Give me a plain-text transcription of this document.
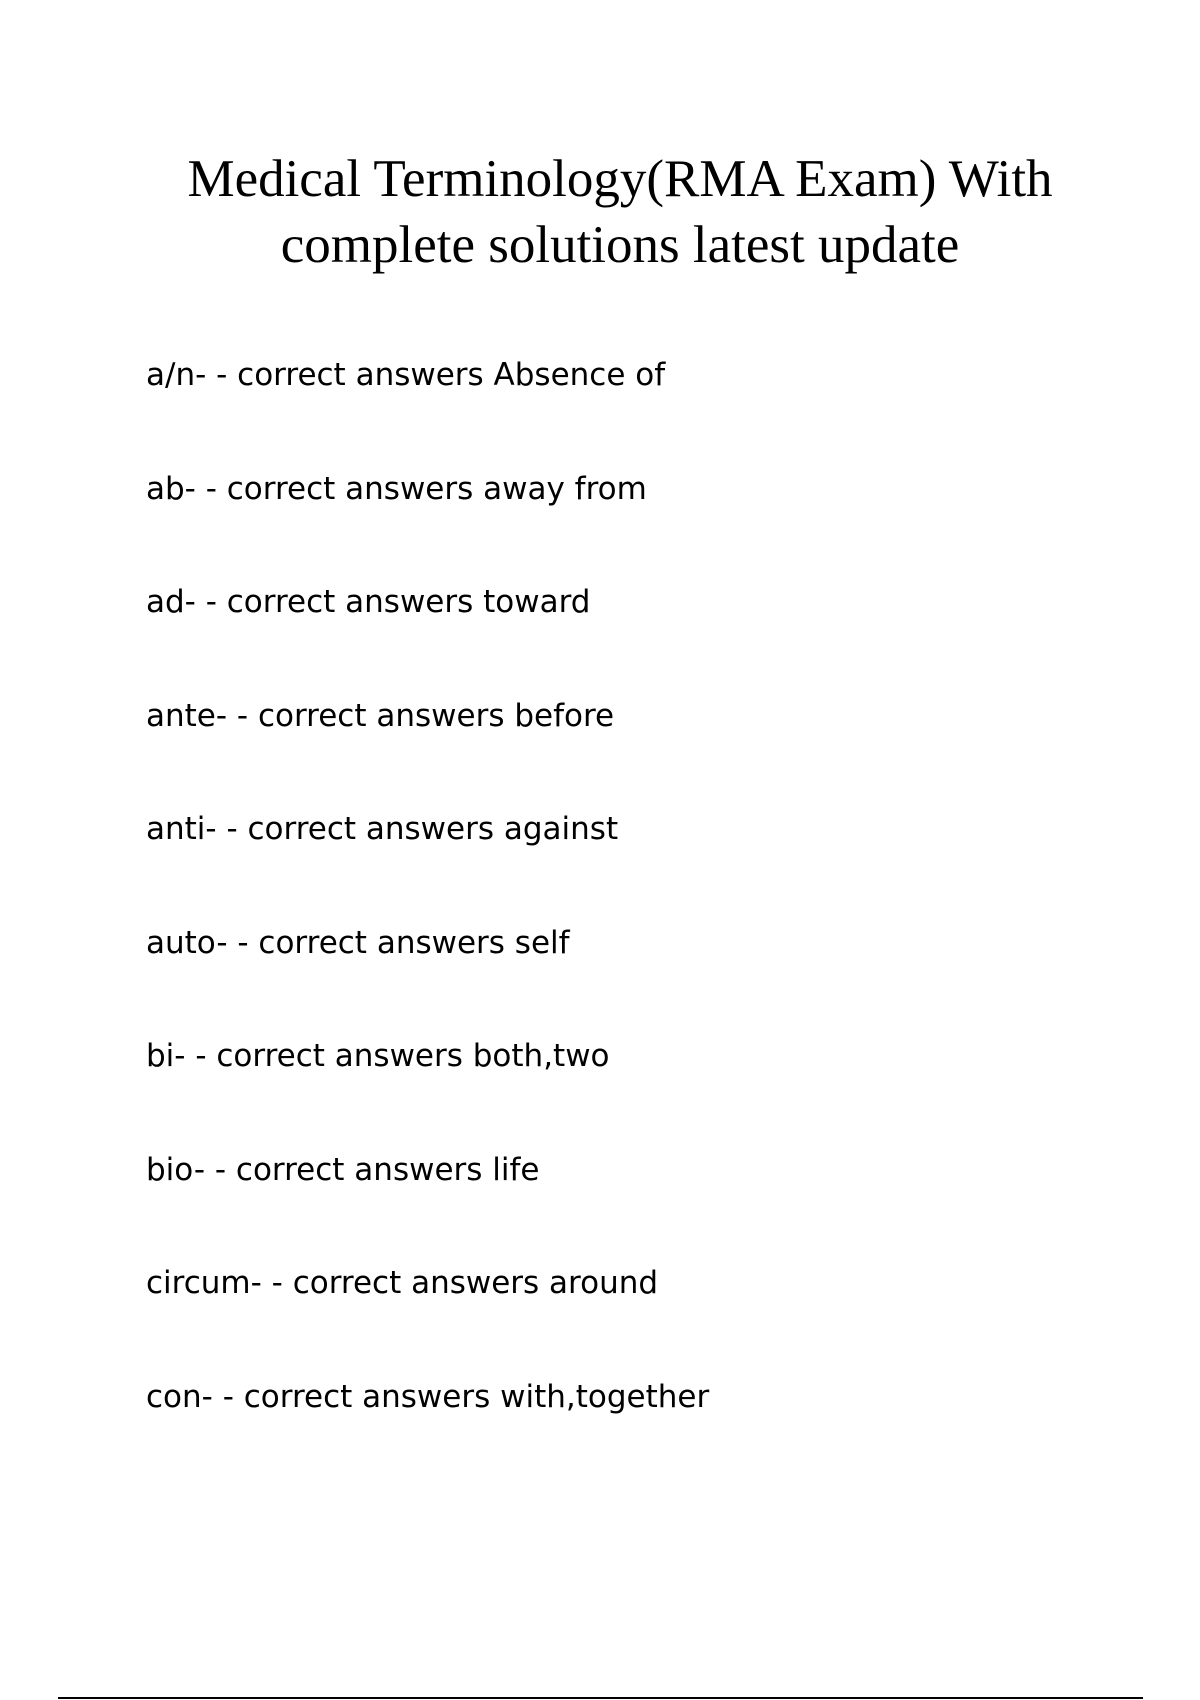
Medical Terminology(RMA Exam) With
complete solutions latest update
a/n- - correct answers Absence of
ab- - correct answers away from
ad- - correct answers toward
ante- - correct answers before
anti- - correct answers against
auto- - correct answers self
bi- - correct answers both,two
bio- - correct answers life
circum- - correct answers around
con- - correct answers with,together
